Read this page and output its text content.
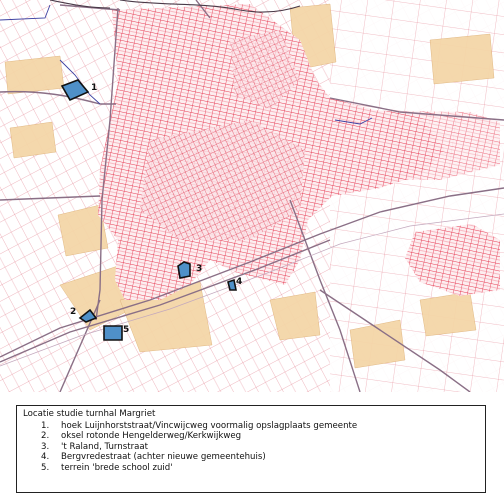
1
2
3
4
5
Locatie studie turnhal Margriet
1.	hoek Luijnhorststraat/Vincwijcweg voormalig opslagplaats gemeente
2.	oksel rotonde Hengelderweg/Kerkwijkweg
3.	't Raland, Turnstraat
4.	Bergvredestraat (achter nieuwe gemeentehuis)
5.	terrein 'brede school zuid'
